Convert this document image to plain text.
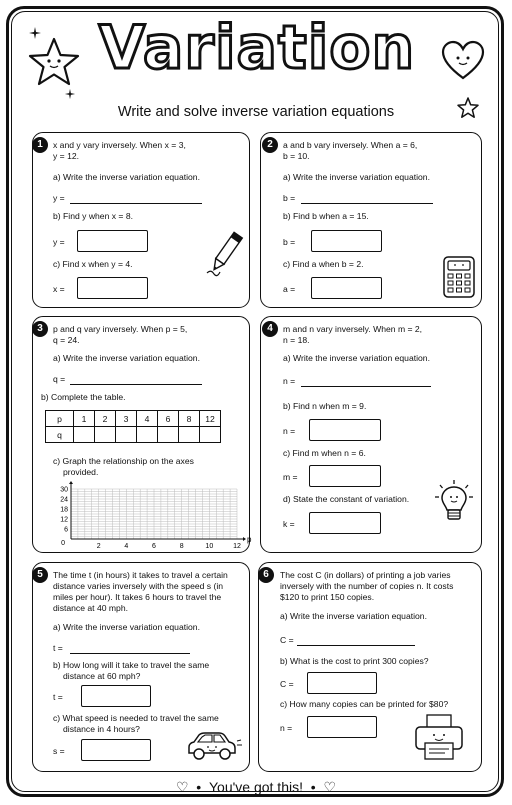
Variation
Write and solve inverse variation equations
1	x and y vary inversely. When x = 3,
y = 12.
a) Write the inverse variation equation.
y =
b) Find y when x = 8.
y =
c) Find x when y = 4.
x =
2	a and b vary inversely. When a = 6,
b = 10.
a) Write the inverse variation equation.
b =
b) Find b when a = 15.
b =
c) Find a when b = 2.
a =
3	p and q vary inversely. When p = 5,
q = 24.
a) Write the inverse variation equation.
q =
b) Complete the table.
p	1	2	3	4	6	8	12
q							
c) Graph the relationship on the axes
provided.
30
24
18
12
6
0	2	4	6	8	10	12
p
4	m and n vary inversely. When m = 2,
n = 18.
a) Write the inverse variation equation.
n =
b) Find n when m = 9.
n =
c) Find m when n = 6.
m =
d) State the constant of variation.
k =
5	The time t (in hours) it takes to travel a certain
distance varies inversely with the speed s (in
miles per hour). It takes 6 hours to travel the
distance at 40 mph.
a) Write the inverse variation equation.
t =
b) How long will it take to travel the same
distance at 60 mph?
t =
c) What speed is needed to travel the same
distance in 4 hours?
s =
6	The cost C (in dollars) of printing a job varies
inversely with the number of copies n. It costs
$120 to print 150 copies.
a) Write the inverse variation equation.
C =
b) What is the cost to print 300 copies?
C =
c) How many copies can be printed for $80?
n =
♡  •  You've got this!  •  ♡
